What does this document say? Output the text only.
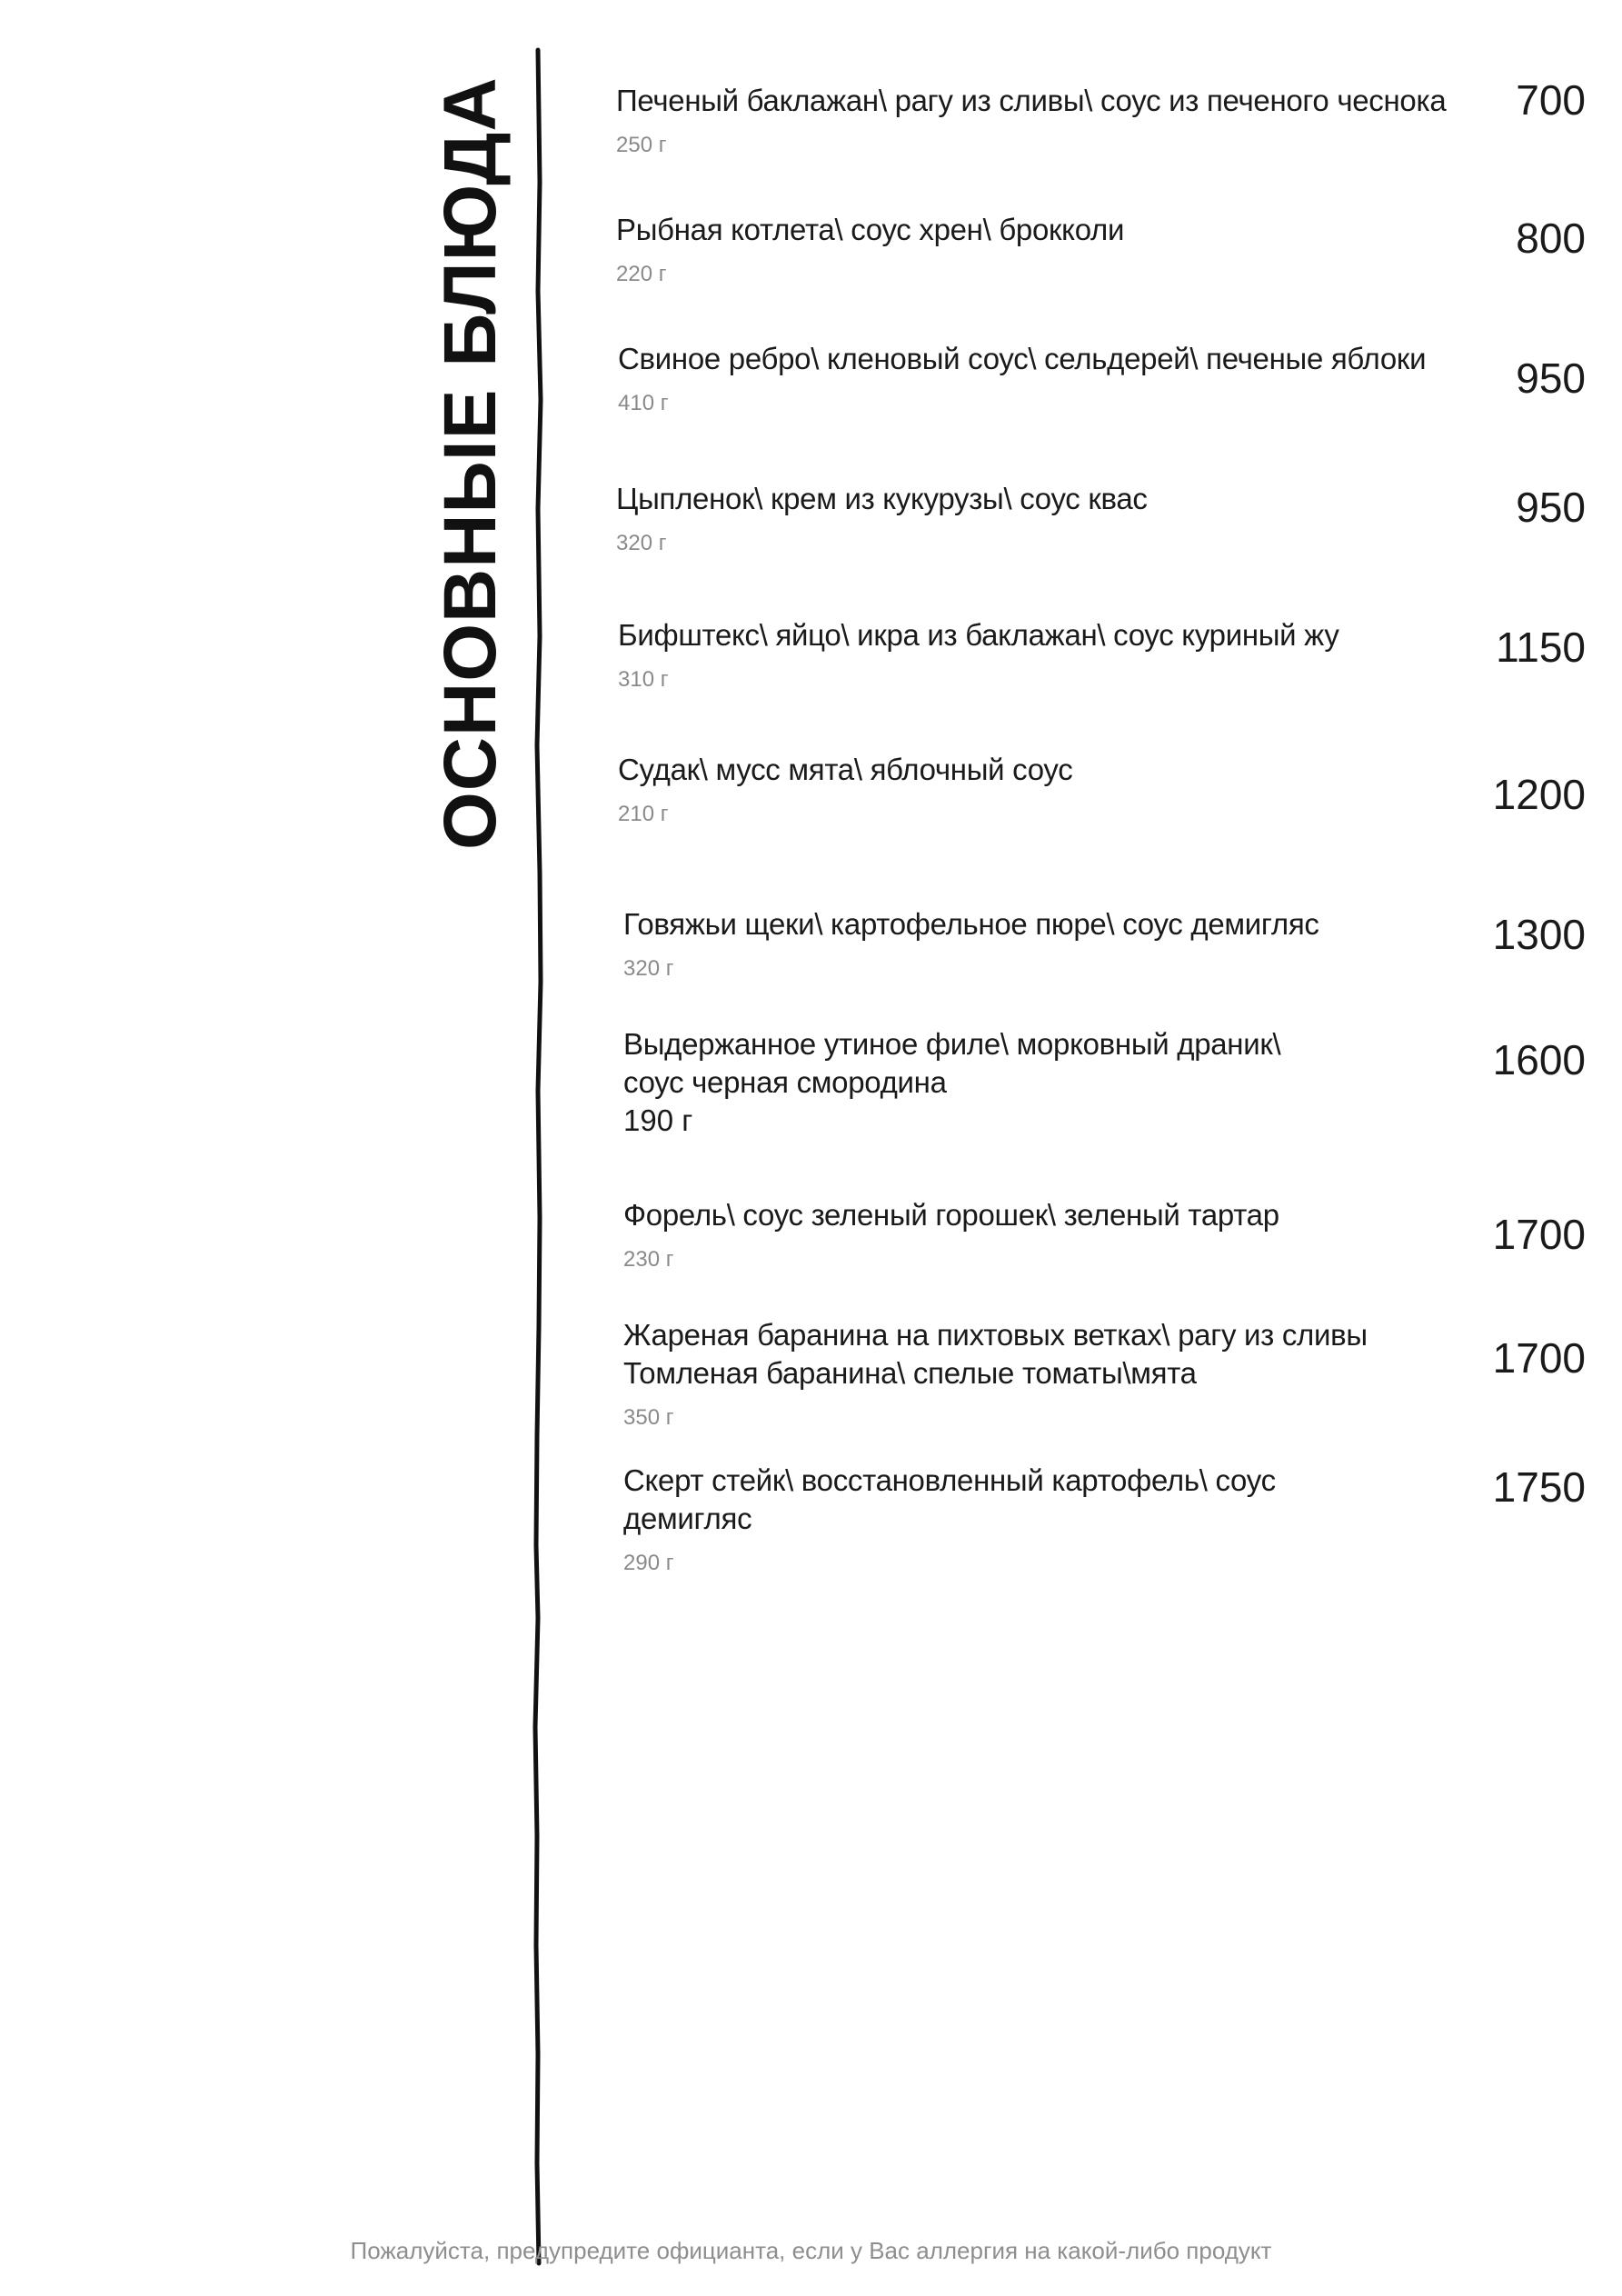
ОСНОВНЫЕ БЛЮДА	Печеный баклажан\ рагу из сливы\ соус из печеного чеснока
250 г
700
Рыбная котлета\ соус хрен\ брокколи
220 г
800
Свиное ребро\ кленовый соус\ сельдерей\ печеные яблоки
410 г
950
Цыпленок\ крем из кукурузы\ соус квас
320 г
950
Бифштекс\ яйцо\ икра из баклажан\ соус куриный жу
310 г
1150
Судак\ мусс мята\ яблочный соус
210 г	1200
Говяжьи щеки\ картофельное пюре\ соус демигляс
320 г
1300
Выдержанное утиное филе\ морковный драник\
соус черная смородина
190 г
1600
Форель\ соус зеленый горошек\ зеленый тартар
230 г
1700
Жареная баранина на пихтовых ветках\ рагу из сливы
Томленая баранина\ спелые томаты\мята
350 г
1700
Скерт стейк\ восстановленный картофель\ соус
демигляс
290 г
1750
Пожалуйста, предупредите официанта, если у Вас аллергия на какой-либо продукт
